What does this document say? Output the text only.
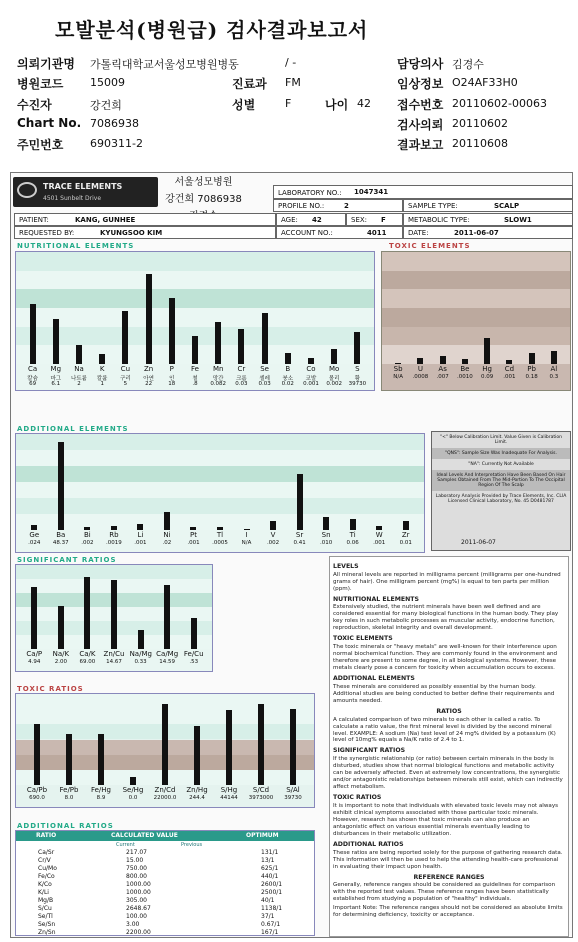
모발분석(병원급) 검사결과보고서
의뢰기관명 가톨릭대학교서울성모병원병동	/ -	담당의사 김경수
병원코드 15009	진료과 FM	임상정보 O24AF33H0
수진자	강건희	성별	F	나이 42 접수번호 20110602-00063
Chart No. 7086938	검사의뢰 20110602
주민번호 690311-2	결과보고 20110608
TRACE ELEMENTS
4501 Sunbelt Drive
서울성모병원
강건희 7086938
LABORATORY NO.: 1047341
PROFILE NO.:	2	SAMPLE TYPE:	SCALP
PATIENT:	KANG, GUNHEE	AGE: 42	SEX: F	METABOLIC TYPE:	SLOW1
REQUESTED BY:	KYUNGSOO KIM	ACCOUNT NO.:	4011	DATE:	2011-06-07
NUTRITIONAL ELEMENTS
Ca
칼슘
69
Mg
마그
6.1
Na
나트륨
2
K
칼륨
1
Cu
구리
5
Zn
아연
22
P
인
18
Fe
철
.8
Mn
망간
0.082
Cr
크롬
0.03
Se
셀레
0.03
B
붕소
0.02
Co
코발
0.001
Mo
몰리
0.002
S
황
39730
TOXIC ELEMENTS
Sb
N/A
U
.0008
As
.007
Be
.0010
Hg
0.09
Cd
.001
Pb
0.18
Al
0.3
ADDITIONAL ELEMENTS
Ge
.024
Ba
48.37
Bi
.002
Rb
.0019
Li
.001
Ni
.02
Pt
.001
Tl
.0005
I
N/A
V
.002
Sr
0.41
Sn
.010
Ti
0.06
W
.001
Zr
0.01
"<" Below Calibration Limit. Value Given is Calibration Limit.
"QNS": Sample Size Was Inadequate For Analysis.
"NA": Currently Not Available
Ideal Levels And Interpretation Have Been Based On Hair Samples Obtained From The Mid-Portion To The Occipital Region Of The Scalp
Laboratory Analysis Provided by Trace Elements, Inc. CLIA Licensed Clinical Laboratory, No. 45 D0481787
2011-06-07
SIGNIFICANT RATIOS
Ca/P
4.94
Na/K
2.00
Ca/K
69.00
Zn/Cu
14.67
Na/Mg
0.33
Ca/Mg
14.59
Fe/Cu
.53
TOXIC RATIOS
Ca/Pb
690.0
Fe/Pb
8.0
Fe/Hg
8.9
Se/Hg
0.0
Zn/Cd
22000.0
Zn/Hg
244.4
S/Hg
44144
S/Cd
3973000
S/Al
39730
ADDITIONAL RATIOS
RATIO	CALCULATED VALUE	OPTIMUM
Current	Previous
Ca/Sr	217.07	131/1
Cr/V	15.00	13/1
Cu/Mo	750.00	625/1
Fe/Co	800.00	440/1
K/Co	1000.00	2600/1
K/Li	1000.00	2500/1
Mg/B	305.00	40/1
S/Cu	2648.67	1138/1
Se/Tl	100.00	37/1
Se/Sn	3.00	0.67/1
Zn/Sn	2200.00	167/1
LEVELS

All mineral levels are reported in milligrams percent (milligrams per one-hundred grams of hair). One milligram percent (mg%) is equal to ten parts per million (ppm).

NUTRITIONAL ELEMENTS

Extensively studied, the nutrient minerals have been well defined and are considered essential for many biological functions in the human body. They play key roles in such metabolic processes as muscular activity, endocrine function, reproduction, skeletal integrity and overall development.

TOXIC ELEMENTS

The toxic minerals or "heavy metals" are well-known for their interference upon normal biochemical function. They are commonly found in the environment and therefore are present to some degree, in all biological systems. However, these metals clearly pose a concern for toxicity when accumulation occurs to excess.

ADDITIONAL ELEMENTS

These minerals are considered as possibly essential by the human body. Additional studies are being conducted to better define their requirements and amounts needed.

RATIOS

A calculated comparison of two minerals to each other is called a ratio. To calculate a ratio value, the first mineral level is divided by the second mineral level. EXAMPLE: A sodium (Na) test level of 24 mg% divided by a potassium (K) level of 10mg% equals a Na/K ratio of 2.4 to 1.

SIGNIFICANT RATIOS

If the synergistic relationship (or ratio) between certain minerals in the body is disturbed, studies show that normal biological functions and metabolic activity can be adversely affected. Even at extremely low concentrations, the synergistic and/or antagonistic relationships between minerals still exist, which can indirectly affect metabolism.

TOXIC RATIOS

It is important to note that individuals with elevated toxic levels may not always exhibit clinical symptoms associated with those particular toxic minerals. However, research has shown that toxic minerals can also produce an antagonistic effect on various essential minerals eventually leading to disturbances in their metabolic utilization.

ADDITIONAL RATIOS

These ratios are being reported solely for the purpose of gathering research data. This information will then be used to help the attending health-care professional in evaluating their impact upon health.

REFERENCE RANGES

Generally, reference ranges should be considered as guidelines for comparison with the reported test values. These reference ranges have been statistically established from studying a population of "healthy" individuals.

Important Note: The reference ranges should not be considered as absolute limits for determining deficiency, toxicity or acceptance.
